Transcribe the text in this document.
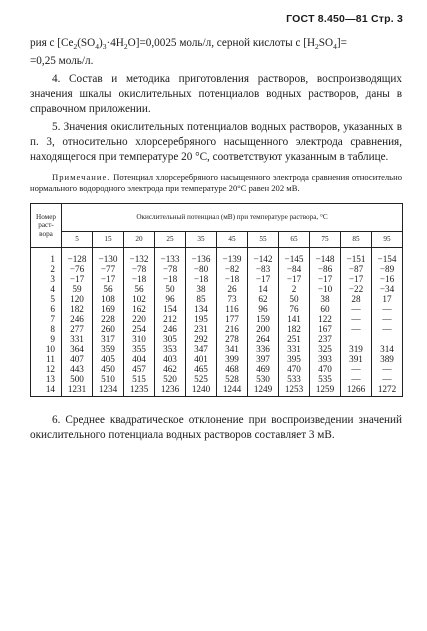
ГОСТ 8.450—81 Стр. 3

рия с $[Ce_2(SO_4)_3\cdot 4H_2O]=0,0025$ моль/л, серной кислоты с $[H_2SO_4]=$
=0,25 моль/л.

4. Состав и методика приготовления растворов, воспроизводящих значения шкалы окислительных потенциалов водных растворов, даны в справочном приложении.

5. Значения окислительных потенциалов водных растворов, указанных в п. 3, относительно хлорсеребряного насыщенного электрода сравнения, находящегося при температуре 20 °С, соответствуют указанным в таблице.

Примечание. Потенциал хлорсеребряного насыщенного электрода сравнения относительно нормального водородного электрода при температуре 20°С равен 202 мВ.

Номер
раст-
вора	Окислительный потенциал (мВ) при температуре раствора, °С										
	5	15	20	25	35	45	55	65	75	85	95
1	−128	−130	−132	−133	−136	−139	−142	−145	−148	−151	−154
2	−76	−77	−78	−78	−80	−82	−83	−84	−86	−87	−89
3	−17	−17	−18	−18	−18	−18	−17	−17	−17	−17	−16
4	59	56	56	50	38	26	14	2	−10	−22	−34
5	120	108	102	96	85	73	62	50	38	28	17
6	182	169	162	154	134	116	96	76	60	—	—
7	246	228	220	212	195	177	159	141	122	—	—
8	277	260	254	246	231	216	200	182	167	—	—
9	331	317	310	305	292	278	264	251	237		
10	364	359	355	353	347	341	336	331	325	319	314
11	407	405	404	403	401	399	397	395	393	391	389
12	443	450	457	462	465	468	469	470	470	—	—
13	500	510	515	520	525	528	530	533	535	—	—
14	1231	1234	1235	1236	1240	1244	1249	1253	1259	1266	1272

6. Среднее квадратическое отклонение при воспроизведении значений окислительного потенциала водных растворов составляет 3 мВ.
